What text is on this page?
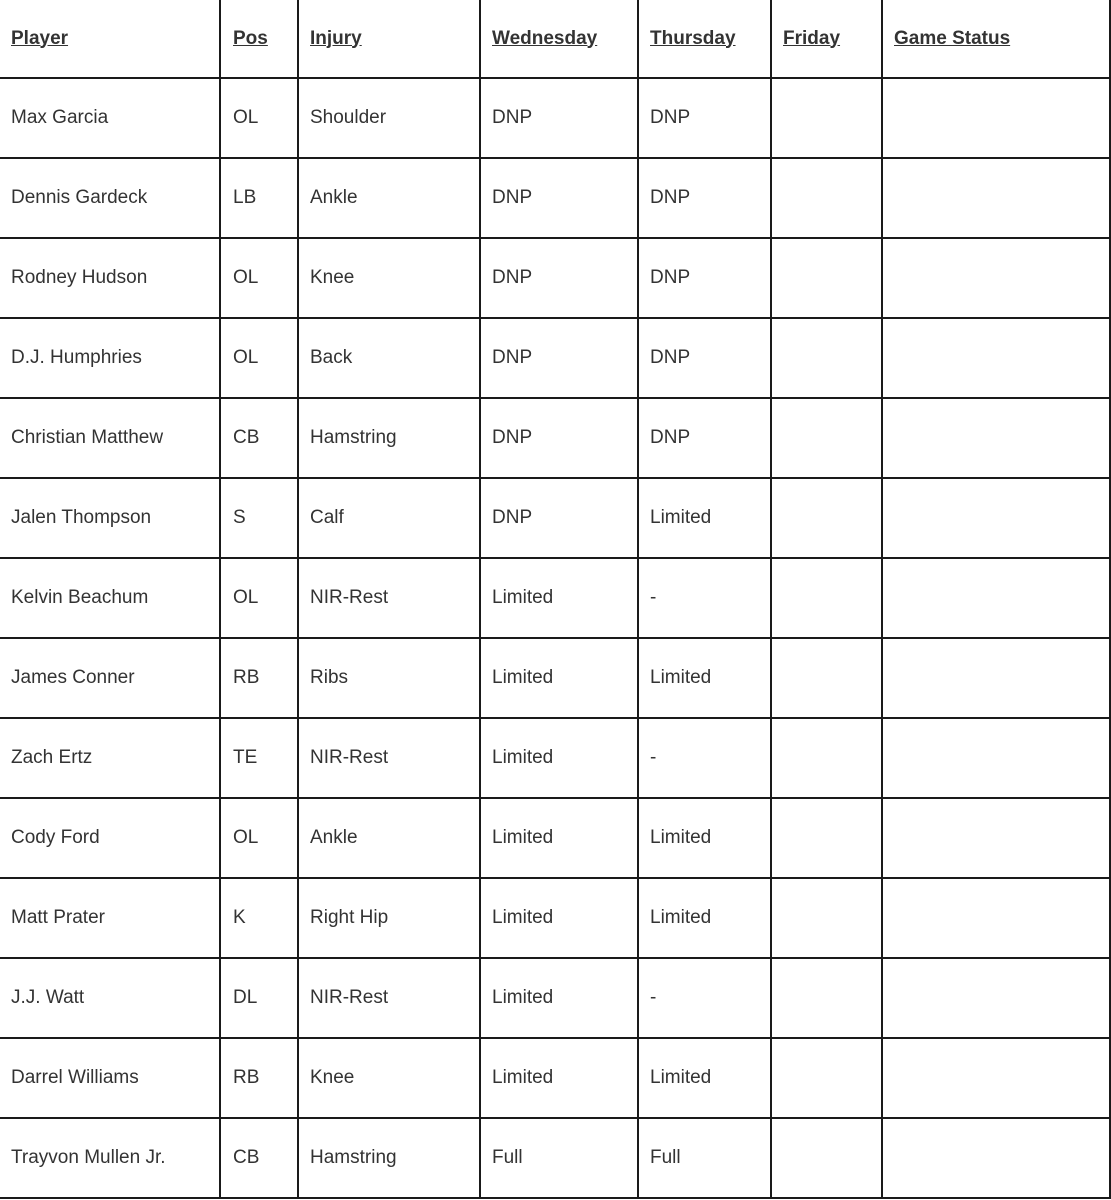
Player	Pos	Injury	Wednesday	Thursday	Friday	Game Status
Max Garcia	OL	Shoulder	DNP	DNP		
Dennis Gardeck	LB	Ankle	DNP	DNP		
Rodney Hudson	OL	Knee	DNP	DNP		
D.J. Humphries	OL	Back	DNP	DNP		
Christian Matthew	CB	Hamstring	DNP	DNP		
Jalen Thompson	S	Calf	DNP	Limited		
Kelvin Beachum	OL	NIR-Rest	Limited	-		
James Conner	RB	Ribs	Limited	Limited		
Zach Ertz	TE	NIR-Rest	Limited	-		
Cody Ford	OL	Ankle	Limited	Limited		
Matt Prater	K	Right Hip	Limited	Limited		
J.J. Watt	DL	NIR-Rest	Limited	-		
Darrel Williams	RB	Knee	Limited	Limited		
Trayvon Mullen Jr.	CB	Hamstring	Full	Full		
